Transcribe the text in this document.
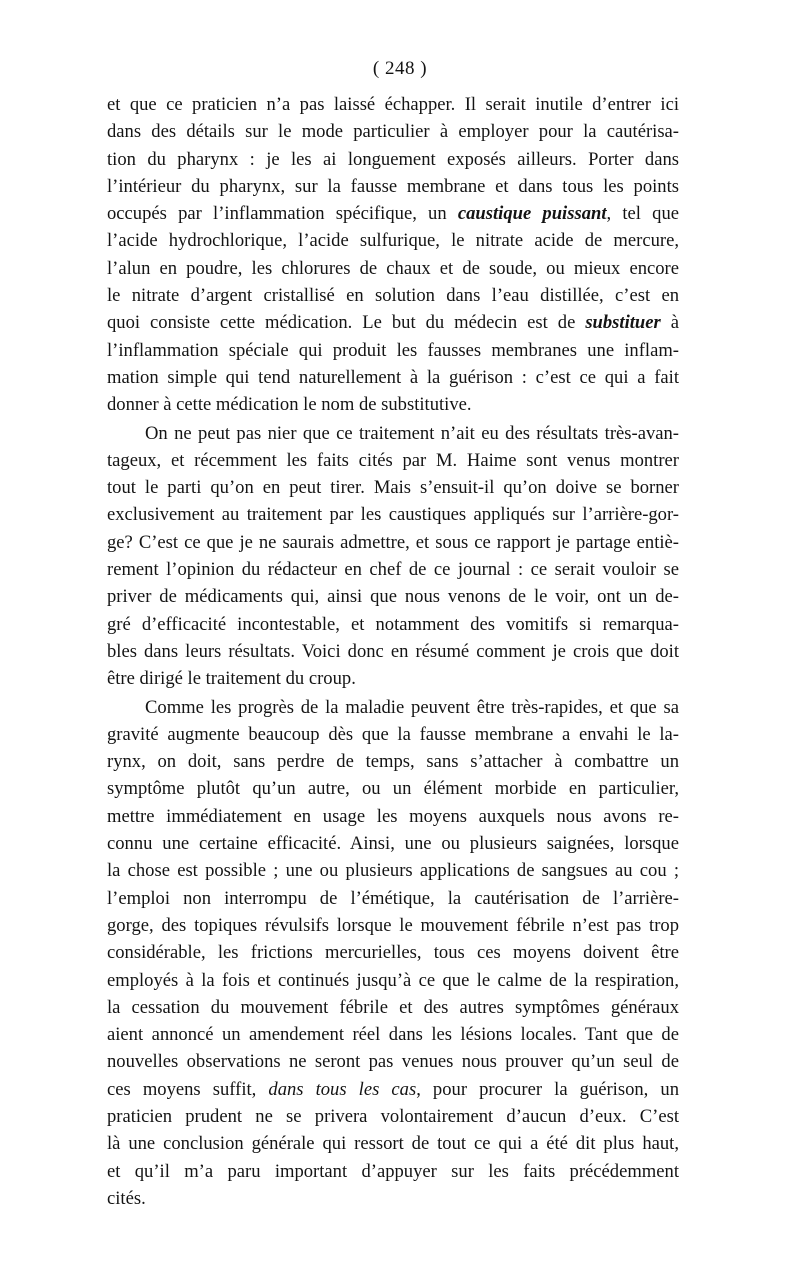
( 248 )
et que ce praticien n’a pas laissé échapper. Il serait inutile d’entrer ici
dans des détails sur le mode particulier à employer pour la cautérisa-
tion du pharynx : je les ai longuement exposés ailleurs. Porter dans
l’intérieur du pharynx, sur la fausse membrane et dans tous les points
occupés par l’inflammation spécifique, un caustique puissant, tel que
l’acide hydrochlorique, l’acide sulfurique, le nitrate acide de mercure,
l’alun en poudre, les chlorures de chaux et de soude, ou mieux encore
le nitrate d’argent cristallisé en solution dans l’eau distillée, c’est en
quoi consiste cette médication. Le but du médecin est de substituer à
l’inflammation spéciale qui produit les fausses membranes une inflam-
mation simple qui tend naturellement à la guérison : c’est ce qui a fait
donner à cette médication le nom de substitutive.
On ne peut pas nier que ce traitement n’ait eu des résultats très-avan-
tageux, et récemment les faits cités par M. Haime sont venus montrer
tout le parti qu’on en peut tirer. Mais s’ensuit-il qu’on doive se borner
exclusivement au traitement par les caustiques appliqués sur l’arrière-gor-
ge? C’est ce que je ne saurais admettre, et sous ce rapport je partage entiè-
rement l’opinion du rédacteur en chef de ce journal : ce serait vouloir se
priver de médicaments qui, ainsi que nous venons de le voir, ont un de-
gré d’efficacité incontestable, et notamment des vomitifs si remarqua-
bles dans leurs résultats. Voici donc en résumé comment je crois que doit
être dirigé le traitement du croup.
Comme les progrès de la maladie peuvent être très-rapides, et que sa
gravité augmente beaucoup dès que la fausse membrane a envahi le la-
rynx, on doit, sans perdre de temps, sans s’attacher à combattre un
symptôme plutôt qu’un autre, ou un élément morbide en particulier,
mettre immédiatement en usage les moyens auxquels nous avons re-
connu une certaine efficacité. Ainsi, une ou plusieurs saignées, lorsque
la chose est possible ; une ou plusieurs applications de sangsues au cou ;
l’emploi non interrompu de l’émétique, la cautérisation de l’arrière-
gorge, des topiques révulsifs lorsque le mouvement fébrile n’est pas trop
considérable, les frictions mercurielles, tous ces moyens doivent être
employés à la fois et continués jusqu’à ce que le calme de la respiration,
la cessation du mouvement fébrile et des autres symptômes généraux
aient annoncé un amendement réel dans les lésions locales. Tant que de
nouvelles observations ne seront pas venues nous prouver qu’un seul de
ces moyens suffit, dans tous les cas, pour procurer la guérison, un
praticien prudent ne se privera volontairement d’aucun d’eux. C’est
là une conclusion générale qui ressort de tout ce qui a été dit plus haut,
et qu’il m’a paru important d’appuyer sur les faits précédemment
cités.
